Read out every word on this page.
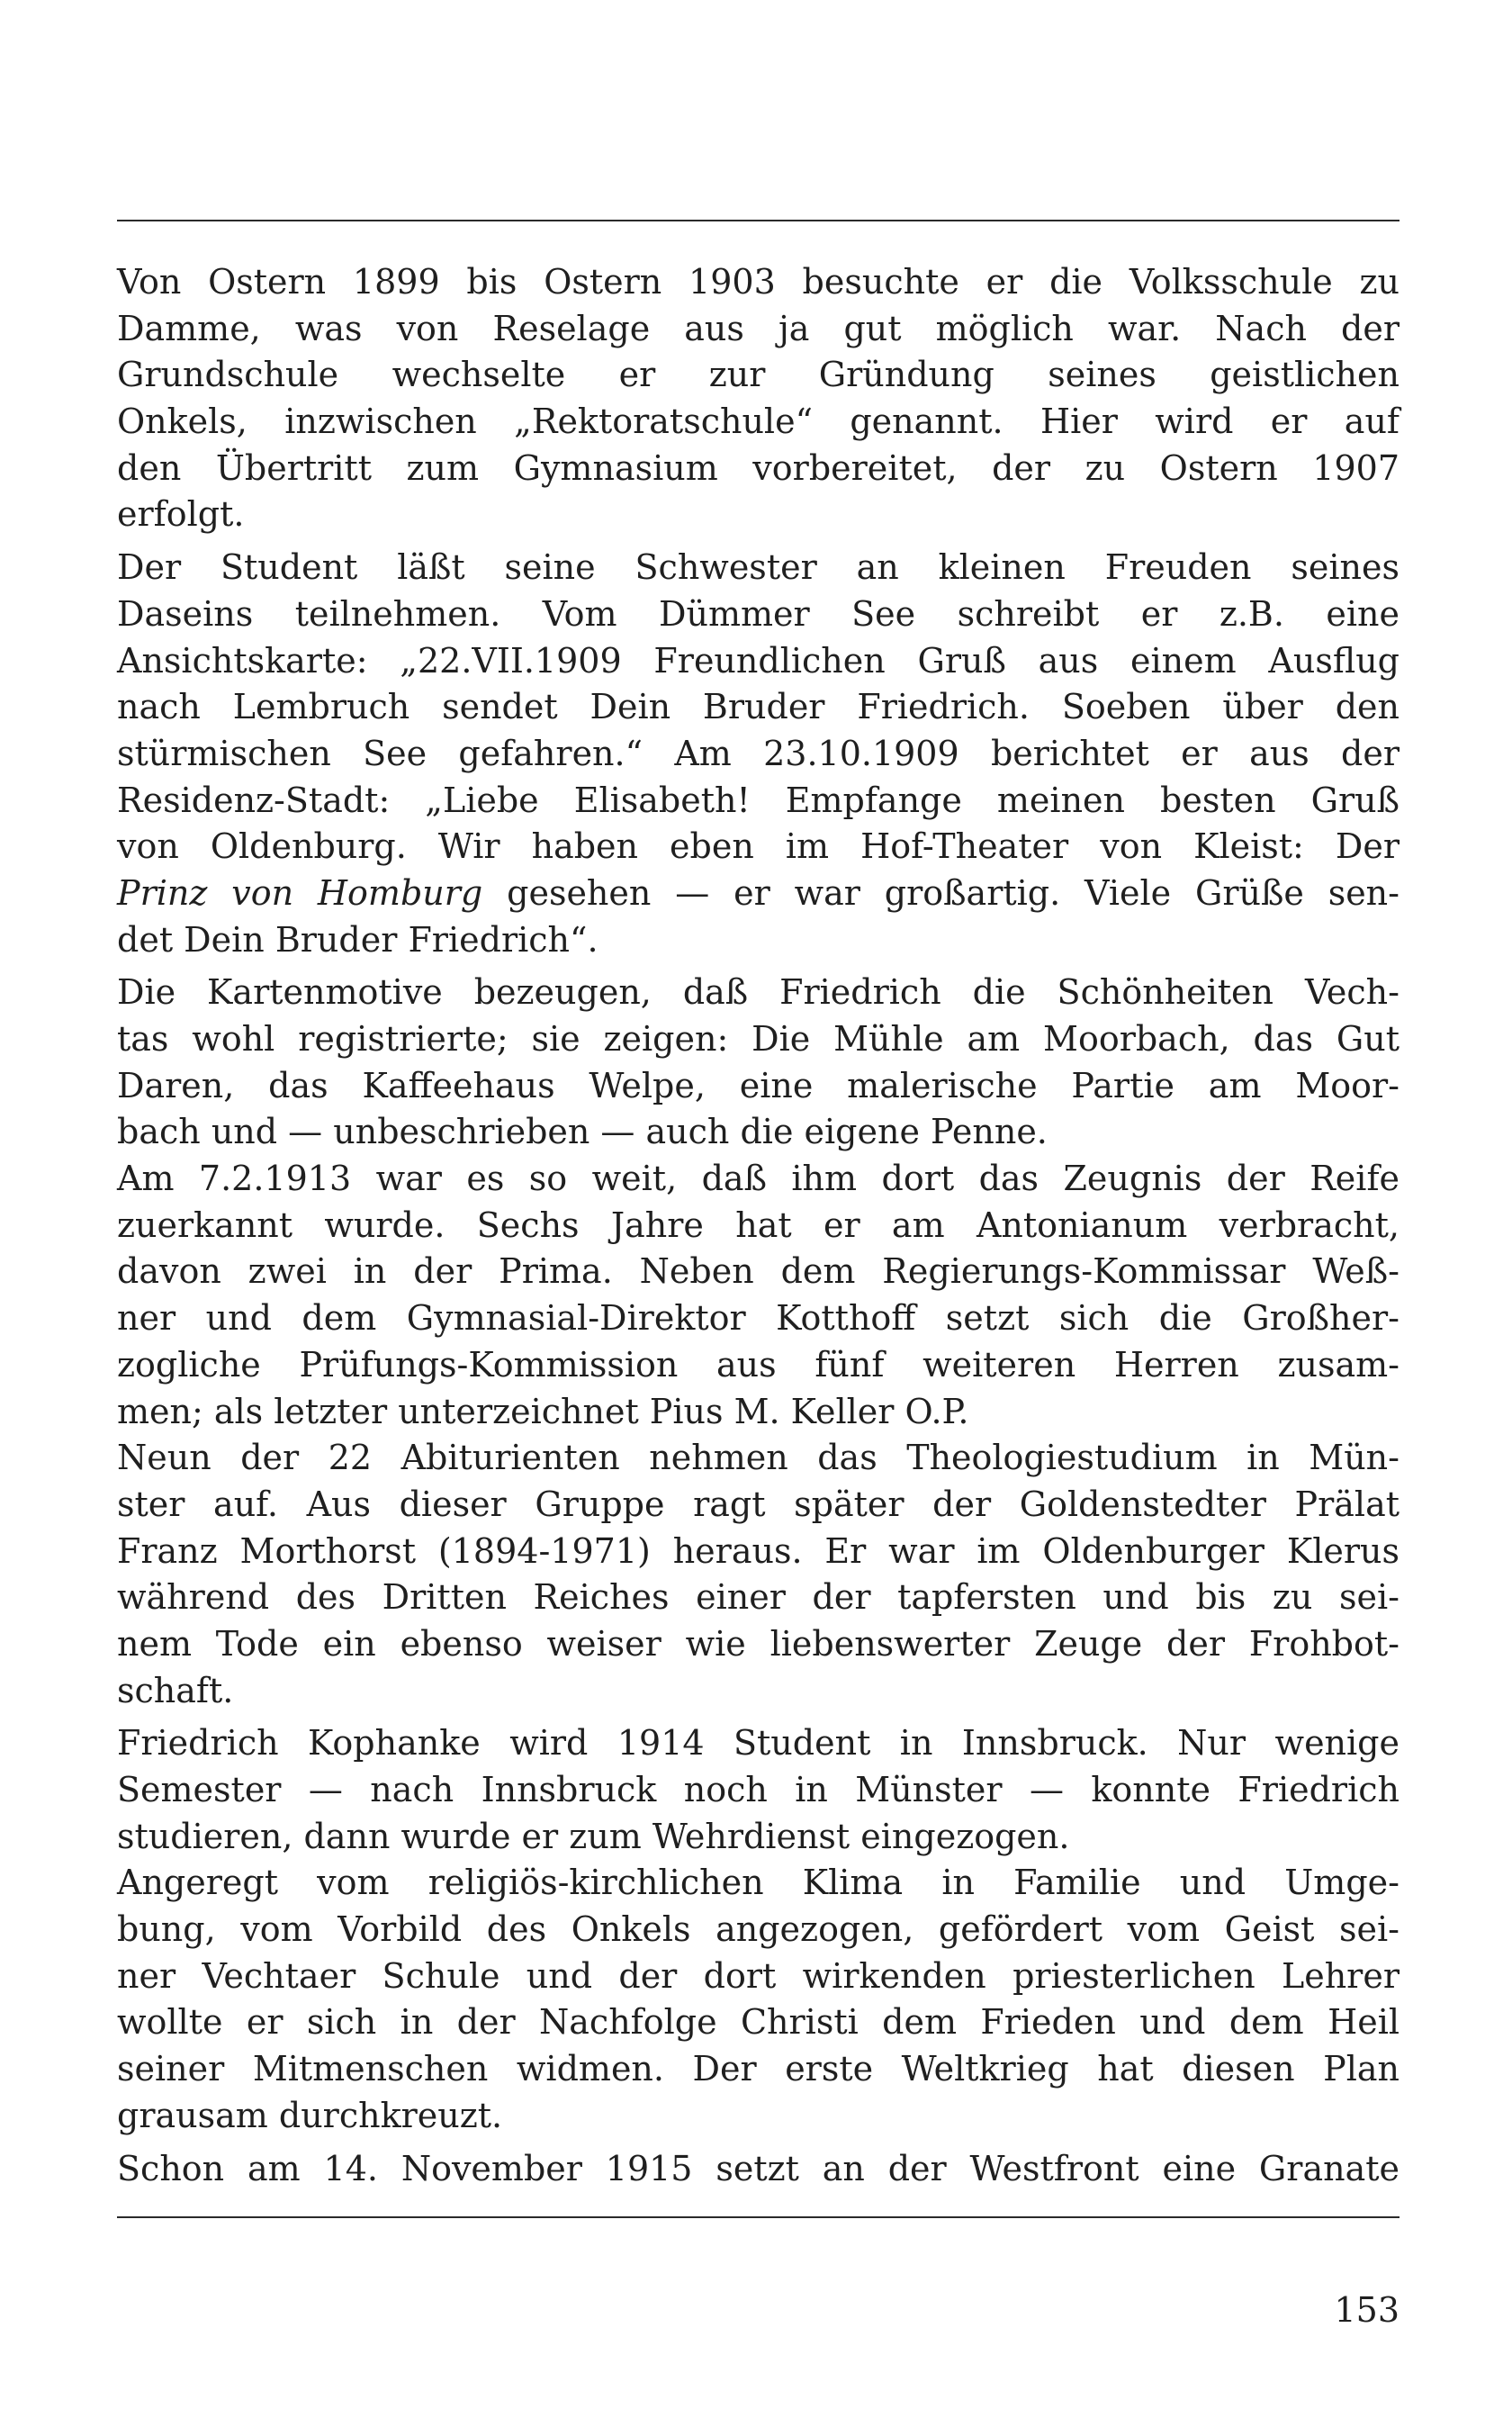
Von Ostern 1899 bis Ostern 1903 besuchte er die Volksschule zu
Damme, was von Reselage aus ja gut möglich war. Nach der
Grundschule wechselte er zur Gründung seines geistlichen
Onkels, inzwischen „Rektoratschule“ genannt. Hier wird er auf
den Übertritt zum Gymnasium vorbereitet, der zu Ostern 1907
erfolgt.
Der Student läßt seine Schwester an kleinen Freuden seines
Daseins teilnehmen. Vom Dümmer See schreibt er z.B. eine
Ansichtskarte: „22.VII.1909 Freundlichen Gruß aus einem Ausflug
nach Lembruch sendet Dein Bruder Friedrich. Soeben über den
stürmischen See gefahren.“ Am 23.10.1909 berichtet er aus der
Residenz-Stadt: „Liebe Elisabeth! Empfange meinen besten Gruß
von Oldenburg. Wir haben eben im Hof-Theater von Kleist: Der
Prinz von Homburg gesehen — er war großartig. Viele Grüße sen-
det Dein Bruder Friedrich“.
Die Kartenmotive bezeugen, daß Friedrich die Schönheiten Vech-
tas wohl registrierte; sie zeigen: Die Mühle am Moorbach, das Gut
Daren, das Kaffeehaus Welpe, eine malerische Partie am Moor-
bach und — unbeschrieben — auch die eigene Penne.
Am 7.2.1913 war es so weit, daß ihm dort das Zeugnis der Reife
zuerkannt wurde. Sechs Jahre hat er am Antonianum verbracht,
davon zwei in der Prima. Neben dem Regierungs-Kommissar Weß-
ner und dem Gymnasial-Direktor Kotthoff setzt sich die Großher-
zogliche Prüfungs-Kommission aus fünf weiteren Herren zusam-
men; als letzter unterzeichnet Pius M. Keller O.P.
Neun der 22 Abiturienten nehmen das Theologiestudium in Mün-
ster auf. Aus dieser Gruppe ragt später der Goldenstedter Prälat
Franz Morthorst (1894-1971) heraus. Er war im Oldenburger Klerus
während des Dritten Reiches einer der tapfersten und bis zu sei-
nem Tode ein ebenso weiser wie liebenswerter Zeuge der Frohbot-
schaft.
Friedrich Kophanke wird 1914 Student in Innsbruck. Nur wenige
Semester — nach Innsbruck noch in Münster — konnte Friedrich
studieren, dann wurde er zum Wehrdienst eingezogen.
Angeregt vom religiös-kirchlichen Klima in Familie und Umge-
bung, vom Vorbild des Onkels angezogen, gefördert vom Geist sei-
ner Vechtaer Schule und der dort wirkenden priesterlichen Lehrer
wollte er sich in der Nachfolge Christi dem Frieden und dem Heil
seiner Mitmenschen widmen. Der erste Weltkrieg hat diesen Plan
grausam durchkreuzt.
Schon am 14. November 1915 setzt an der Westfront eine Granate
153
